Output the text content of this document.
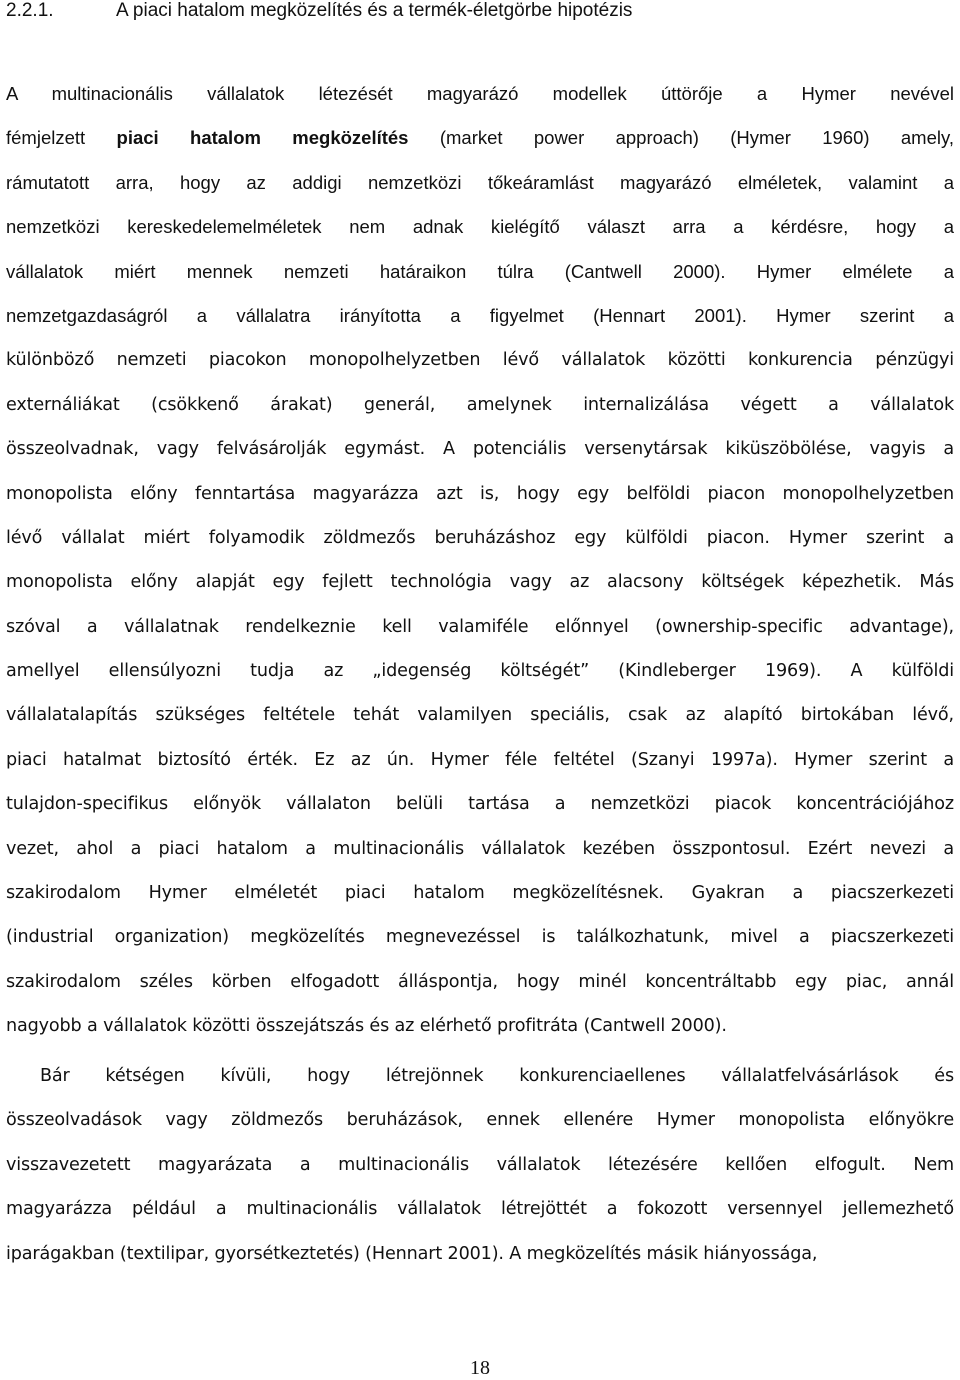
2.2.1.	A piaci hatalom megközelítés és a termék-életgörbe hipotézis
A multinacionális vállalatok létezését magyarázó modellek úttörője a Hymer nevével
fémjelzett piaci hatalom megközelítés (market power approach) (Hymer 1960) amely,
rámutatott arra, hogy az addigi nemzetközi tőkeáramlást magyarázó elméletek, valamint a
nemzetközi kereskedelemelméletek nem adnak kielégítő választ arra a kérdésre, hogy a
vállalatok miért mennek nemzeti határaikon túlra (Cantwell 2000). Hymer elmélete a
nemzetgazdaságról a vállalatra irányította a figyelmet (Hennart 2001). Hymer szerint a
különböző nemzeti piacokon monopolhelyzetben lévő vállalatok közötti konkurencia pénzügyi
externáliákat (csökkenő árakat) generál, amelynek internalizálása végett a vállalatok
összeolvadnak, vagy felvásárolják egymást. A potenciális versenytársak kiküszöbölése, vagyis a
monopolista előny fenntartása magyarázza azt is, hogy egy belföldi piacon monopolhelyzetben
lévő vállalat miért folyamodik zöldmezős beruházáshoz egy külföldi piacon. Hymer szerint a
monopolista előny alapját egy fejlett technológia vagy az alacsony költségek képezhetik. Más
szóval a vállalatnak rendelkeznie kell valamiféle előnnyel (ownership-specific advantage),
amellyel ellensúlyozni tudja az „idegenség költségét” (Kindleberger 1969). A külföldi
vállalatalapítás szükséges feltétele tehát valamilyen speciális, csak az alapító birtokában lévő,
piaci hatalmat biztosító érték. Ez az ún. Hymer féle feltétel (Szanyi 1997a). Hymer szerint a
tulajdon-specifikus előnyök vállalaton belüli tartása a nemzetközi piacok koncentrációjához
vezet, ahol a piaci hatalom a multinacionális vállalatok kezében összpontosul. Ezért nevezi a
szakirodalom Hymer elméletét piaci hatalom megközelítésnek. Gyakran a piacszerkezeti
(industrial organization) megközelítés megnevezéssel is találkozhatunk, mivel a piacszerkezeti
szakirodalom széles körben elfogadott álláspontja, hogy minél koncentráltabb egy piac, annál
nagyobb a vállalatok közötti összejátszás és az elérhető profitráta (Cantwell 2000).
Bár kétségen kívüli, hogy létrejönnek konkurenciaellenes vállalatfelvásárlások és
összeolvadások vagy zöldmezős beruházások, ennek ellenére Hymer monopolista előnyökre
visszavezetett magyarázata a multinacionális vállalatok létezésére kellően elfogult. Nem
magyarázza például a multinacionális vállalatok létrejöttét a fokozott versennyel jellemezhető
iparágakban (textilipar, gyorsétkeztetés) (Hennart 2001). A megközelítés másik hiányossága,
18
